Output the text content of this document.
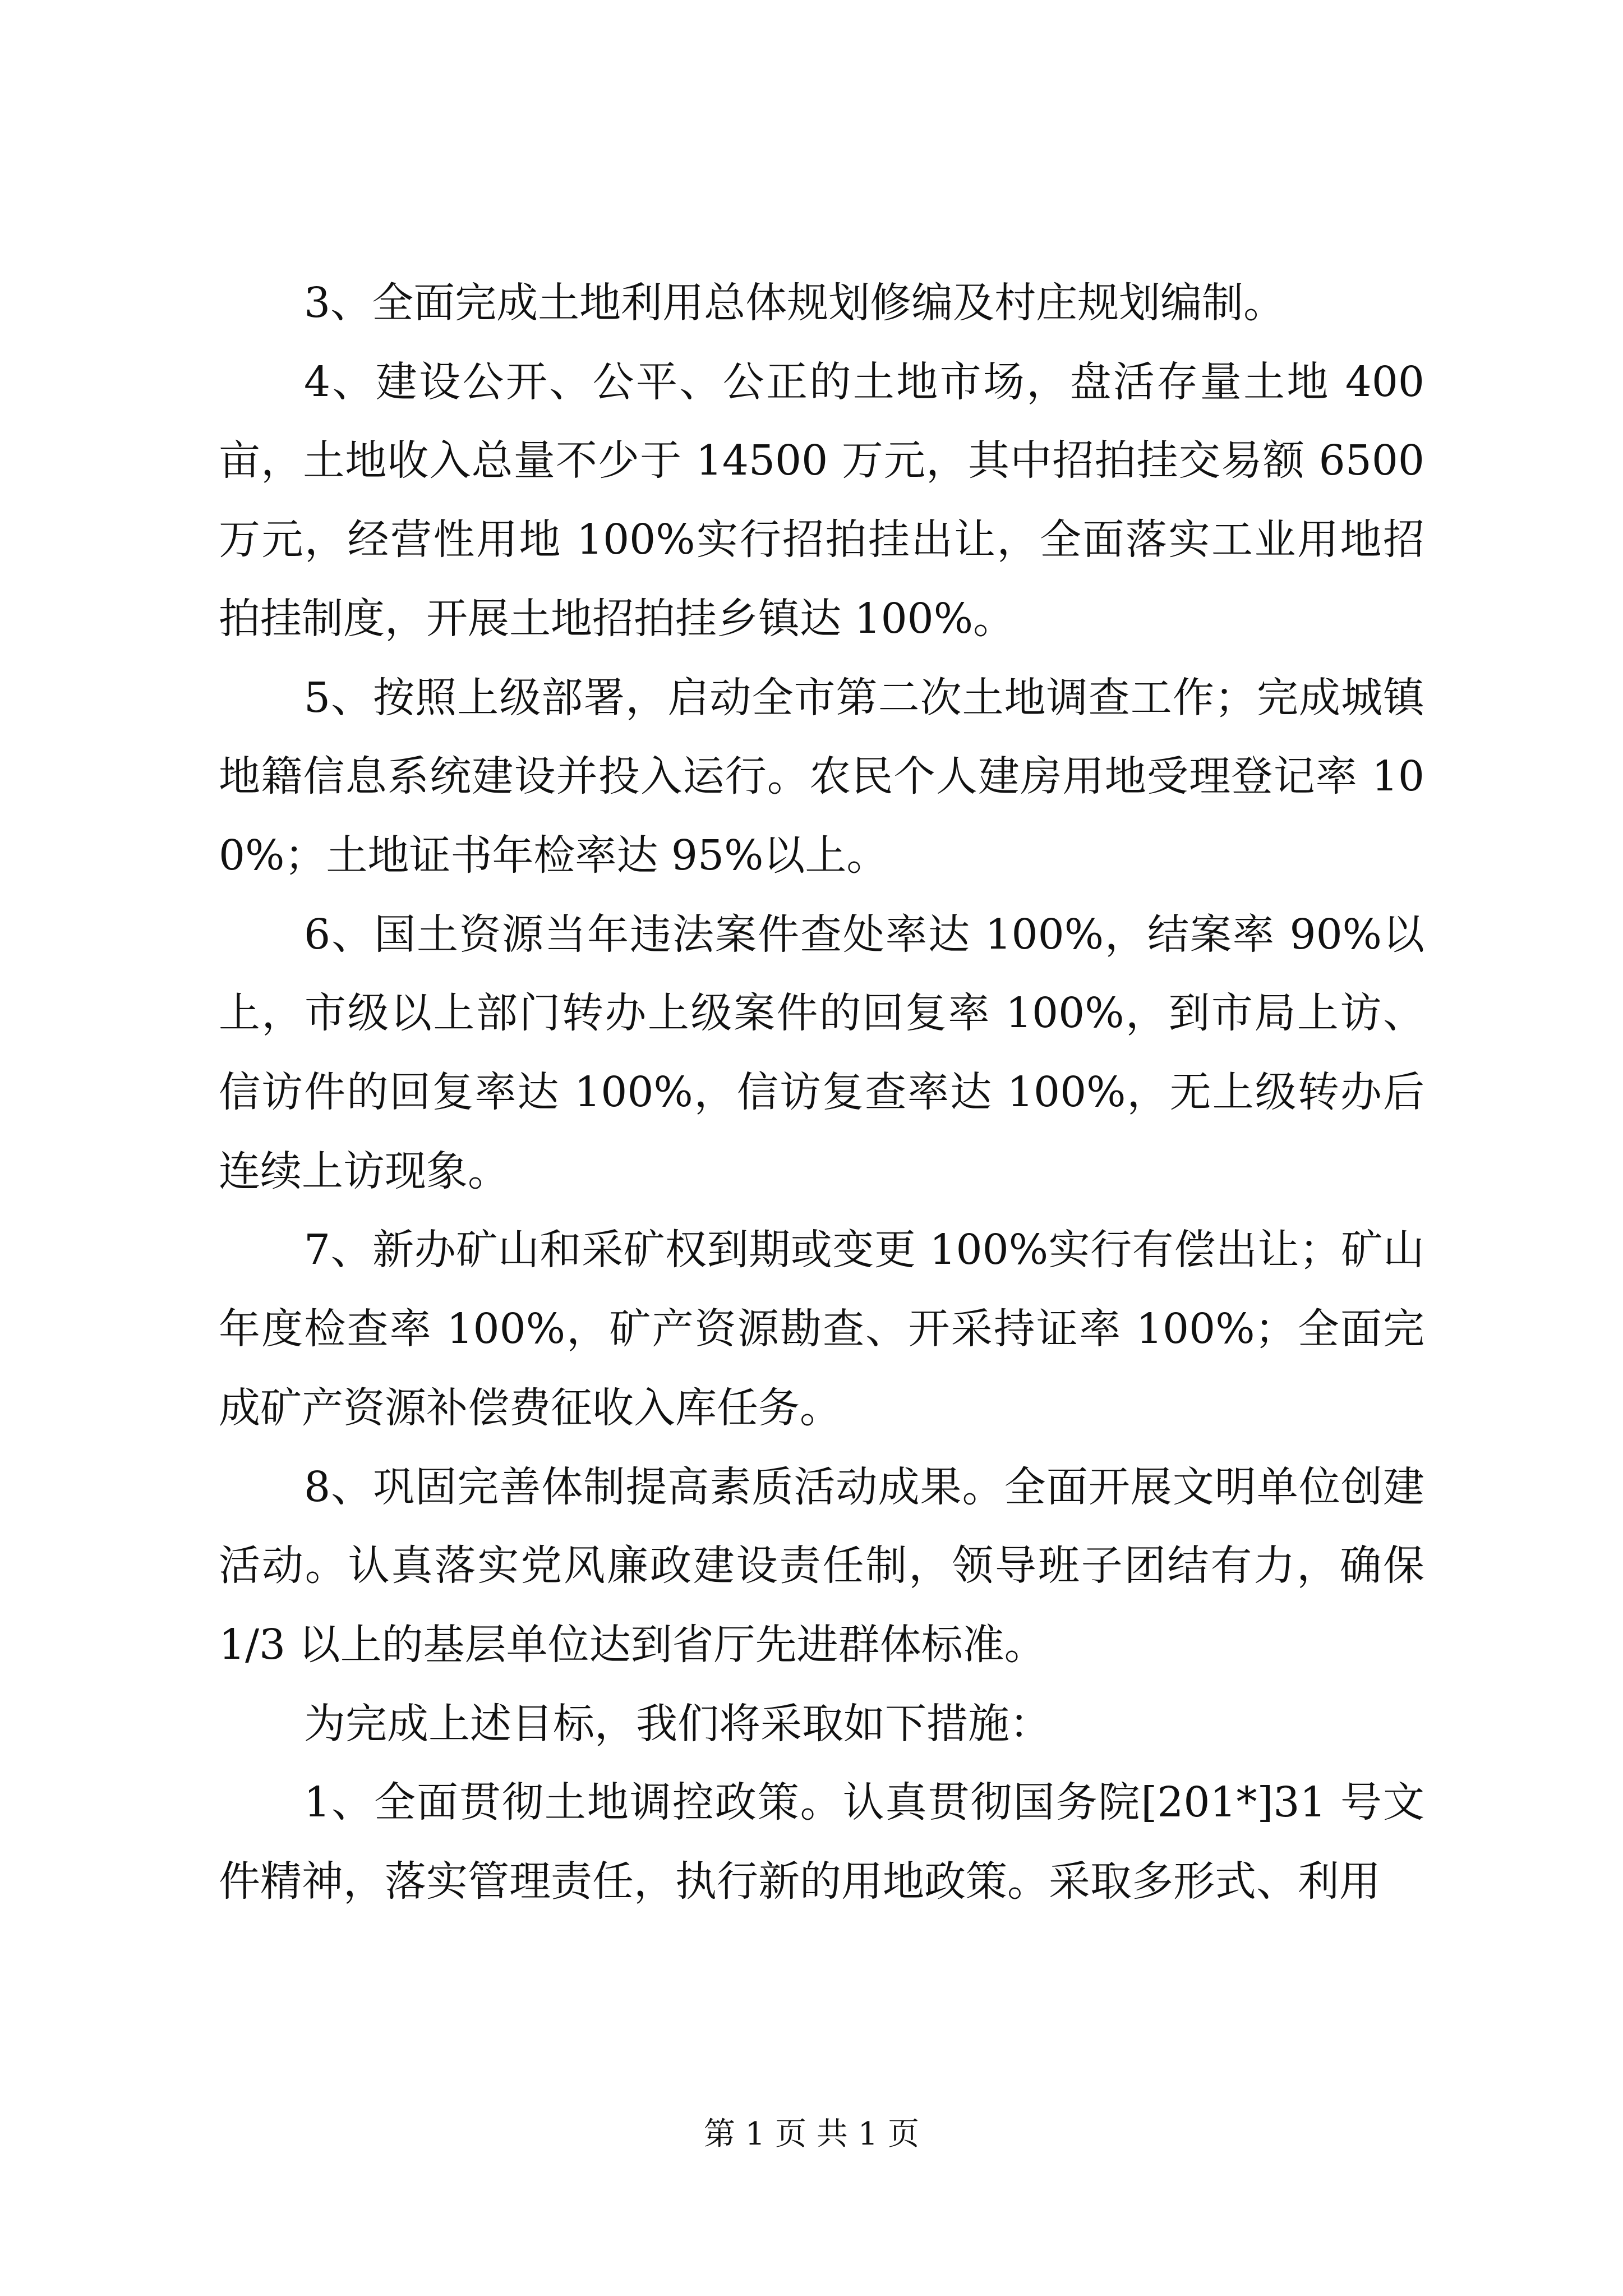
3、全面完成土地利用总体规划修编及村庄规划编制。

4、建设公开、公平、公正的土地市场，盘活存量土地 400 亩，土地收入总量不少于 14500 万元，其中招拍挂交易额 6500 万元，经营性用地 100%实行招拍挂出让，全面落实工业用地招拍挂制度，开展土地招拍挂乡镇达 100%。

5、按照上级部署，启动全市第二次土地调查工作；完成城镇地籍信息系统建设并投入运行。农民个人建房用地受理登记率 100%；土地证书年检率达 95%以上。

6、国土资源当年违法案件查处率达 100%，结案率 90%以上，市级以上部门转办上级案件的回复率 100%，到市局上访、信访件的回复率达 100%，信访复查率达 100%，无上级转办后连续上访现象。

7、新办矿山和采矿权到期或变更 100%实行有偿出让；矿山年度检查率 100%，矿产资源勘查、开采持证率 100%；全面完成矿产资源补偿费征收入库任务。

8、巩固完善体制提高素质活动成果。全面开展文明单位创建活动。认真落实党风廉政建设责任制，领导班子团结有力，确保 1/3 以上的基层单位达到省厅先进群体标准。

为完成上述目标，我们将采取如下措施：

1、全面贯彻土地调控政策。认真贯彻国务院[201*]31 号文件精神，落实管理责任，执行新的用地政策。采取多形式、利用

第 1 页 共 1 页
